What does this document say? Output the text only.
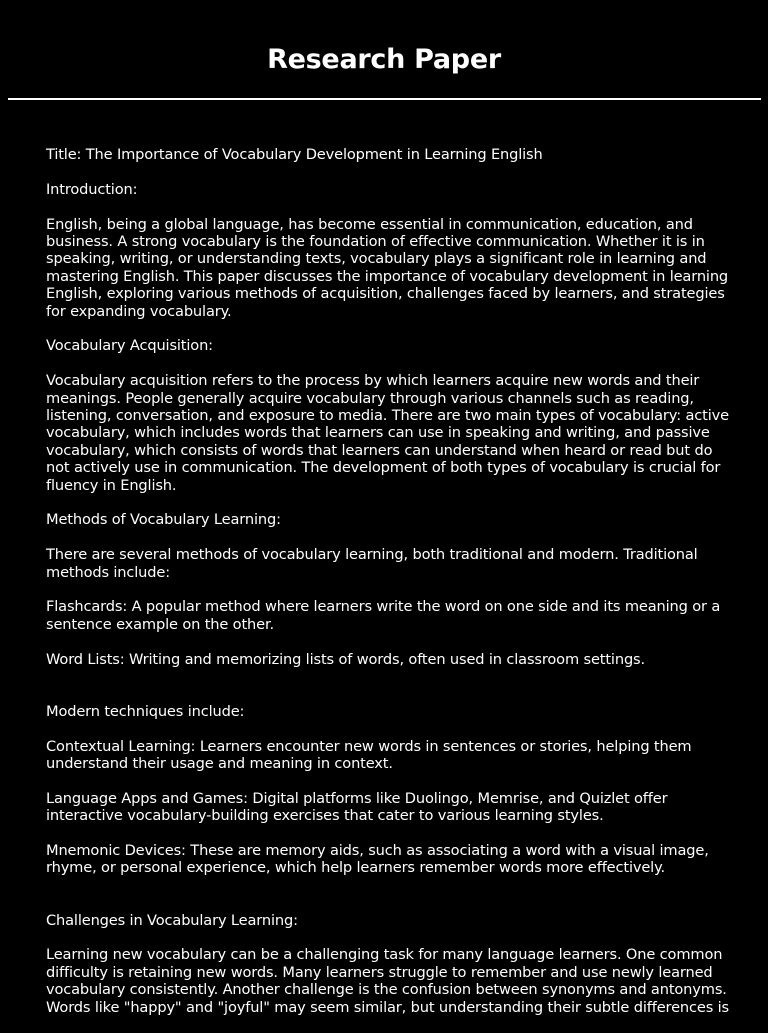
Research Paper

Title: The Importance of Vocabulary Development in Learning English

Introduction:

English, being a global language, has become essential in communication, education, and business. A strong vocabulary is the foundation of effective communication. Whether it is in speaking, writing, or understanding texts, vocabulary plays a significant role in learning and mastering English. This paper discusses the importance of vocabulary development in learning English, exploring various methods of acquisition, challenges faced by learners, and strategies for expanding vocabulary.

Vocabulary Acquisition:

Vocabulary acquisition refers to the process by which learners acquire new words and their meanings. People generally acquire vocabulary through various channels such as reading, listening, conversation, and exposure to media. There are two main types of vocabulary: active vocabulary, which includes words that learners can use in speaking and writing, and passive vocabulary, which consists of words that learners can understand when heard or read but do not actively use in communication. The development of both types of vocabulary is crucial for fluency in English.

Methods of Vocabulary Learning:

There are several methods of vocabulary learning, both traditional and modern. Traditional methods include:

Flashcards: A popular method where learners write the word on one side and its meaning or a sentence example on the other.

Word Lists: Writing and memorizing lists of words, often used in classroom settings.

Modern techniques include:

Contextual Learning: Learners encounter new words in sentences or stories, helping them understand their usage and meaning in context.

Language Apps and Games: Digital platforms like Duolingo, Memrise, and Quizlet offer interactive vocabulary-building exercises that cater to various learning styles.

Mnemonic Devices: These are memory aids, such as associating a word with a visual image, rhyme, or personal experience, which help learners remember words more effectively.

Challenges in Vocabulary Learning:

Learning new vocabulary can be a challenging task for many language learners. One common difficulty is retaining new words. Many learners struggle to remember and use newly learned vocabulary consistently. Another challenge is the confusion between synonyms and antonyms. Words like "happy" and "joyful" may seem similar, but understanding their subtle differences is
